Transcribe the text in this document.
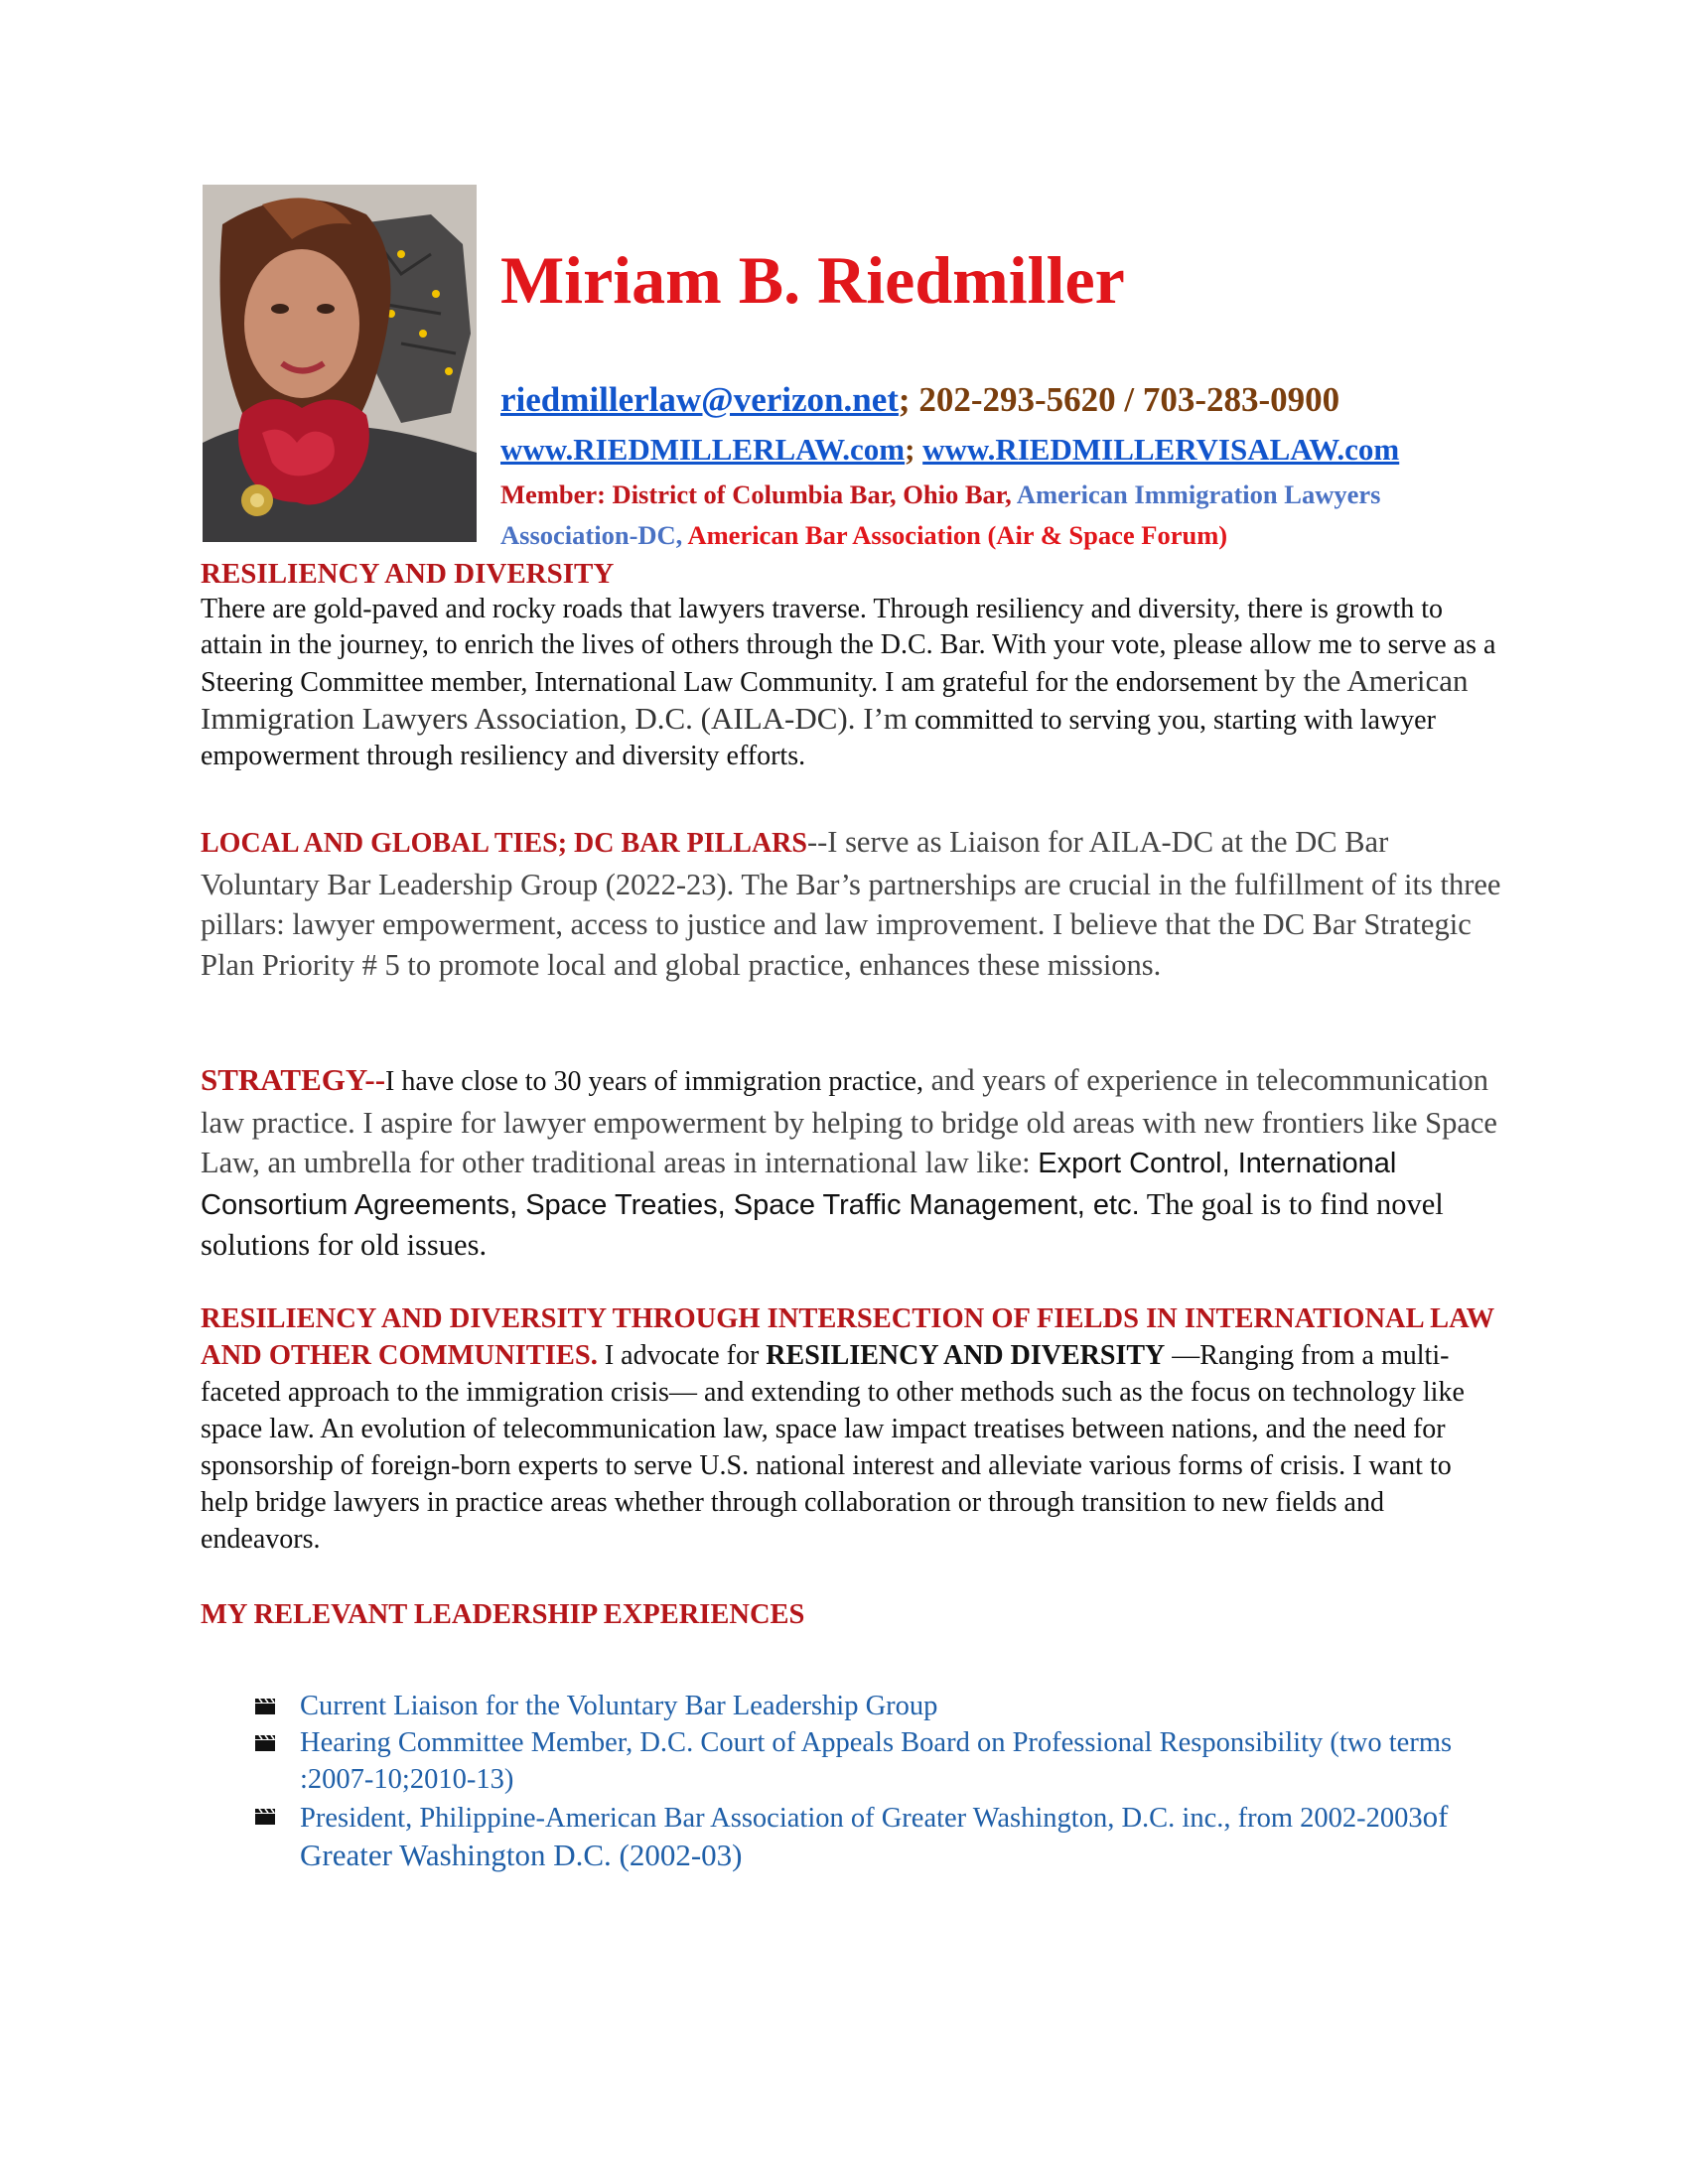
Miriam B. Riedmiller
riedmillerlaw@verizon.net; 202-293-5620 / 703-283-0900
www.RIEDMILLERLAW.com; www.RIEDMILLERVISALAW.com
Member: District of Columbia Bar, Ohio Bar, American Immigration Lawyers Association-DC, American Bar Association (Air & Space Forum)
RESILIENCY AND DIVERSITY
There are gold-paved and rocky roads that lawyers traverse. Through resiliency and diversity, there is growth to attain in the journey, to enrich the lives of others through the D.C. Bar. With your vote, please allow me to serve as a Steering Committee member, International Law Community. I am grateful for the endorsement by the American Immigration Lawyers Association, D.C. (AILA-DC). I’m committed to serving you, starting with lawyer empowerment through resiliency and diversity efforts.
LOCAL AND GLOBAL TIES; DC BAR PILLARS--I serve as Liaison for AILA-DC at the DC Bar Voluntary Bar Leadership Group (2022-23). The Bar’s partnerships are crucial in the fulfillment of its three pillars: lawyer empowerment, access to justice and law improvement. I believe that the DC Bar Strategic Plan Priority # 5 to promote local and global practice, enhances these missions.
STRATEGY--I have close to 30 years of immigration practice, and years of experience in telecommunication law practice. I aspire for lawyer empowerment by helping to bridge old areas with new frontiers like Space Law, an umbrella for other traditional areas in international law like: Export Control, International Consortium Agreements, Space Treaties, Space Traffic Management, etc. The goal is to find novel solutions for old issues.
RESILIENCY AND DIVERSITY THROUGH INTERSECTION OF FIELDS IN INTERNATIONAL LAW AND OTHER COMMUNITIES. I advocate for RESILIENCY AND DIVERSITY —Ranging from a multi-faceted approach to the immigration crisis— and extending to other methods such as the focus on technology like space law. An evolution of telecommunication law, space law impact treatises between nations, and the need for sponsorship of foreign-born experts to serve U.S. national interest and alleviate various forms of crisis. I want to help bridge lawyers in practice areas whether through collaboration or through transition to new fields and endeavors.
MY RELEVANT LEADERSHIP EXPERIENCES
Current Liaison for the Voluntary Bar Leadership Group
Hearing Committee Member, D.C. Court of Appeals Board on Professional Responsibility (two terms :2007-10;2010-13)
President, Philippine-American Bar Association of Greater Washington, D.C. inc., from 2002-2003of Greater Washington D.C. (2002-03)
